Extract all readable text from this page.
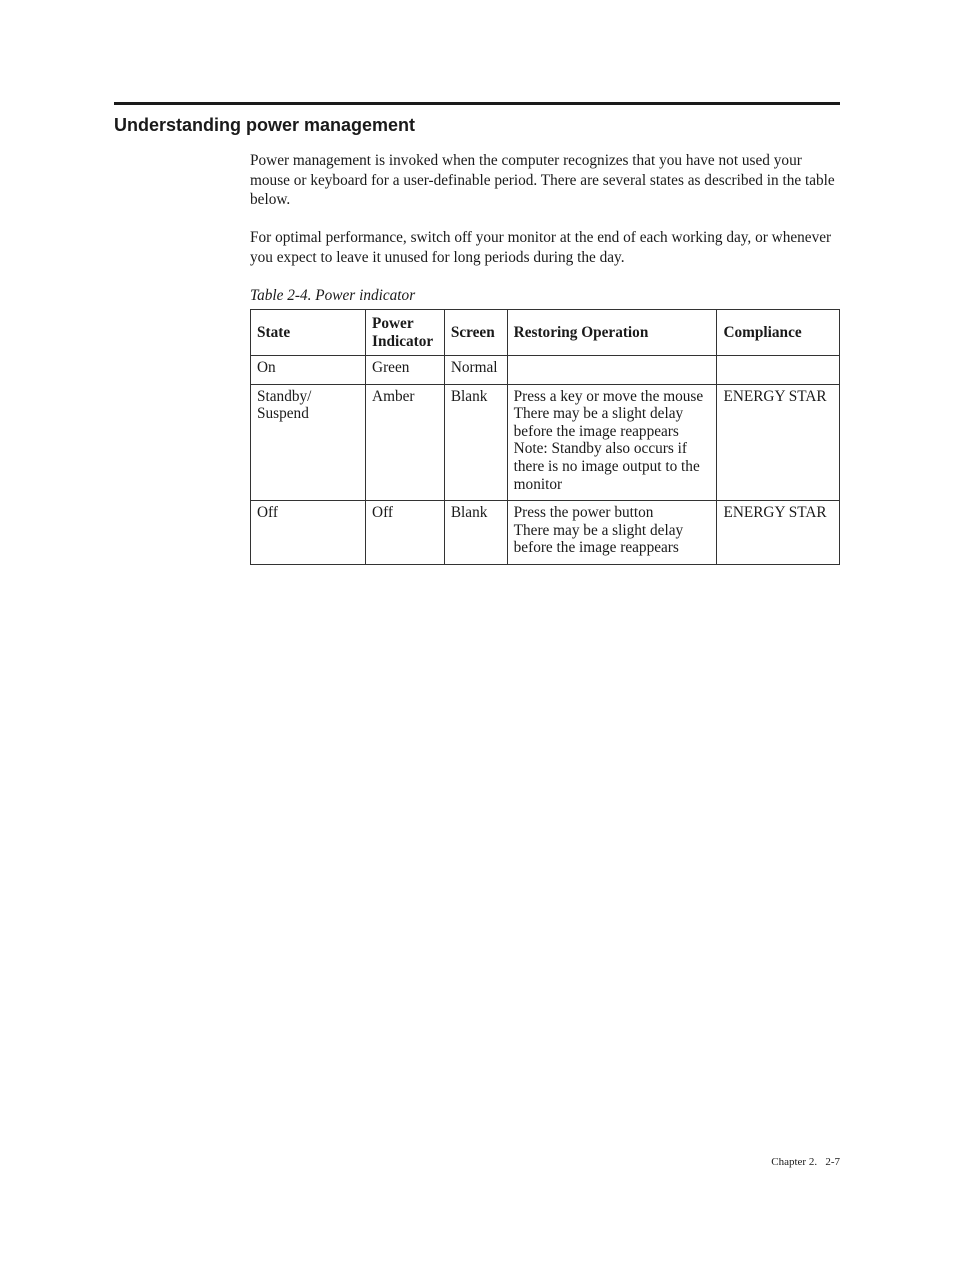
Understanding power management

Power management is invoked when the computer recognizes that you have not used your mouse or keyboard for a user-definable period. There are several states as described in the table below.

For optimal performance, switch off your monitor at the end of each working day, or whenever you expect to leave it unused for long periods during the day.

Table 2-4. Power indicator

State	Power Indicator	Screen	Restoring Operation	Compliance
On	Green	Normal		
Standby/ Suspend	Amber	Blank	Press a key or move the mouse
There may be a slight delay before the image reappears
Note: Standby also occurs if there is no image output to the monitor	ENERGY STAR
Off	Off	Blank	Press the power button
There may be a slight delay before the image reappears	ENERGY STAR
Chapter 2. 2-7
